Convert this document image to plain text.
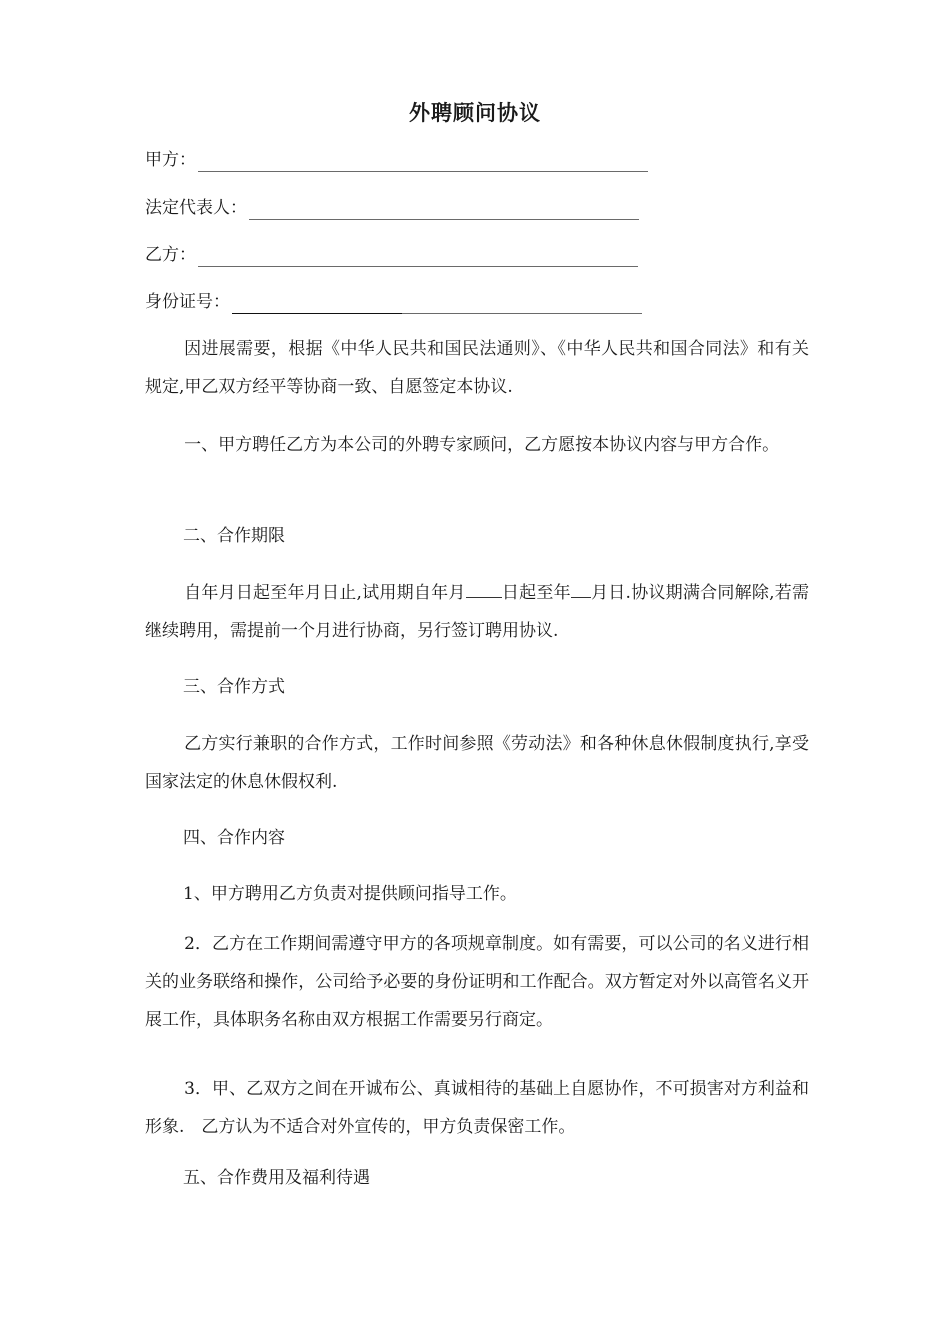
外聘顾问协议
甲方：
法定代表人：
乙方：
身份证号：

因进展需要，根据《中华人民共和国民法通则》、《中华人民共和国合同法》和有关规定,甲乙双方经平等协商一致、自愿签定本协议.

一、甲方聘任乙方为本公司的外聘专家顾问，乙方愿按本协议内容与甲方合作。

二、合作期限

自年月日起至年月日止,试用期自年月 日起至年 月日.协议期满合同解除,若需继续聘用，需提前一个月进行协商，另行签订聘用协议.

三、合作方式

乙方实行兼职的合作方式，工作时间参照《劳动法》和各种休息休假制度执行,享受国家法定的休息休假权利.

四、合作内容

1、甲方聘用乙方负责对提供顾问指导工作。

2．乙方在工作期间需遵守甲方的各项规章制度。如有需要，可以公司的名义进行相关的业务联络和操作，公司给予必要的身份证明和工作配合。双方暂定对外以高管名义开展工作，具体职务名称由双方根据工作需要另行商定。

3．甲、乙双方之间在开诚布公、真诚相待的基础上自愿协作，不可损害对方利益和形象.　乙方认为不适合对外宣传的，甲方负责保密工作。

五、合作费用及福利待遇
